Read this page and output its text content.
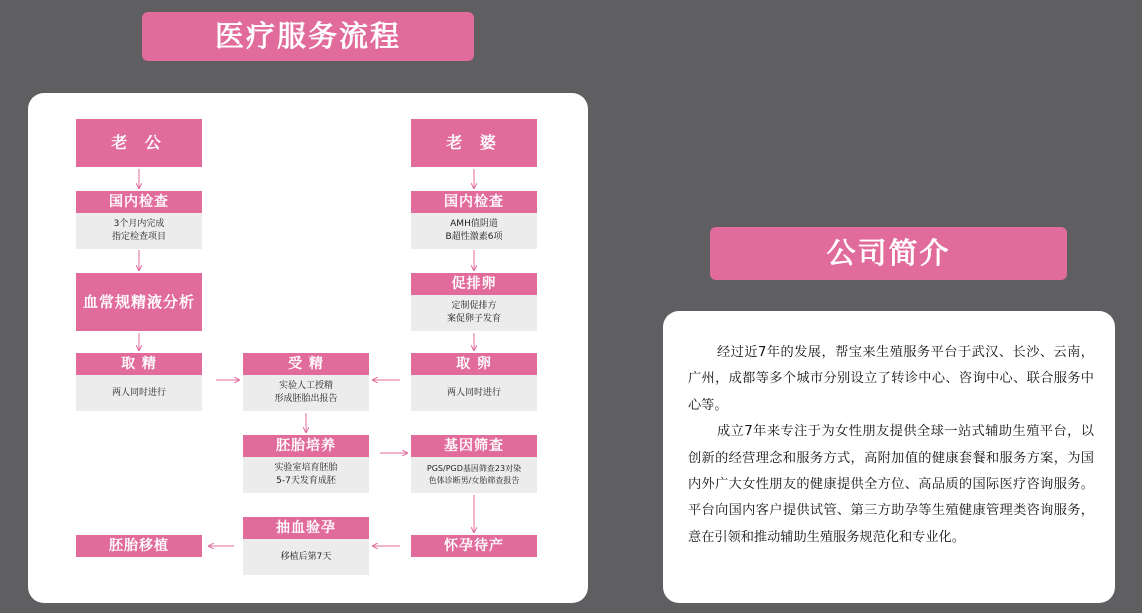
医疗服务流程
公司简介
老 公
国内检查
3个月内完成
指定检查项目
血常规精液分析
取 精
两人同时进行
胚胎移植
受 精
实验人工授精
形成胚胎出报告
胚胎培养
实验室培育胚胎
5-7天发育成胚
抽血验孕
移植后第7天
老 婆
国内检查
AMH值阴道
B超性激素6项
促排卵
定制促排方
案促卵子发育
取 卵
两人同时进行
基因筛查
PGS/PGD基因筛查23对染
色体诊断男/女胎筛查报告
怀孕待产

经过近7年的发展，帮宝来生殖服务平台于武汉、长沙、云南，广州，成都等多个城市分别设立了转诊中心、咨询中心、联合服务中心等。

成立7年来专注于为女性朋友提供全球一站式辅助生殖平台，以创新的经营理念和服务方式，高附加值的健康套餐和服务方案，为国内外广大女性朋友的健康提供全方位、高品质的国际医疗咨询服务。平台向国内客户提供试管、第三方助孕等生殖健康管理类咨询服务，意在引领和推动辅助生殖服务规范化和专业化。
